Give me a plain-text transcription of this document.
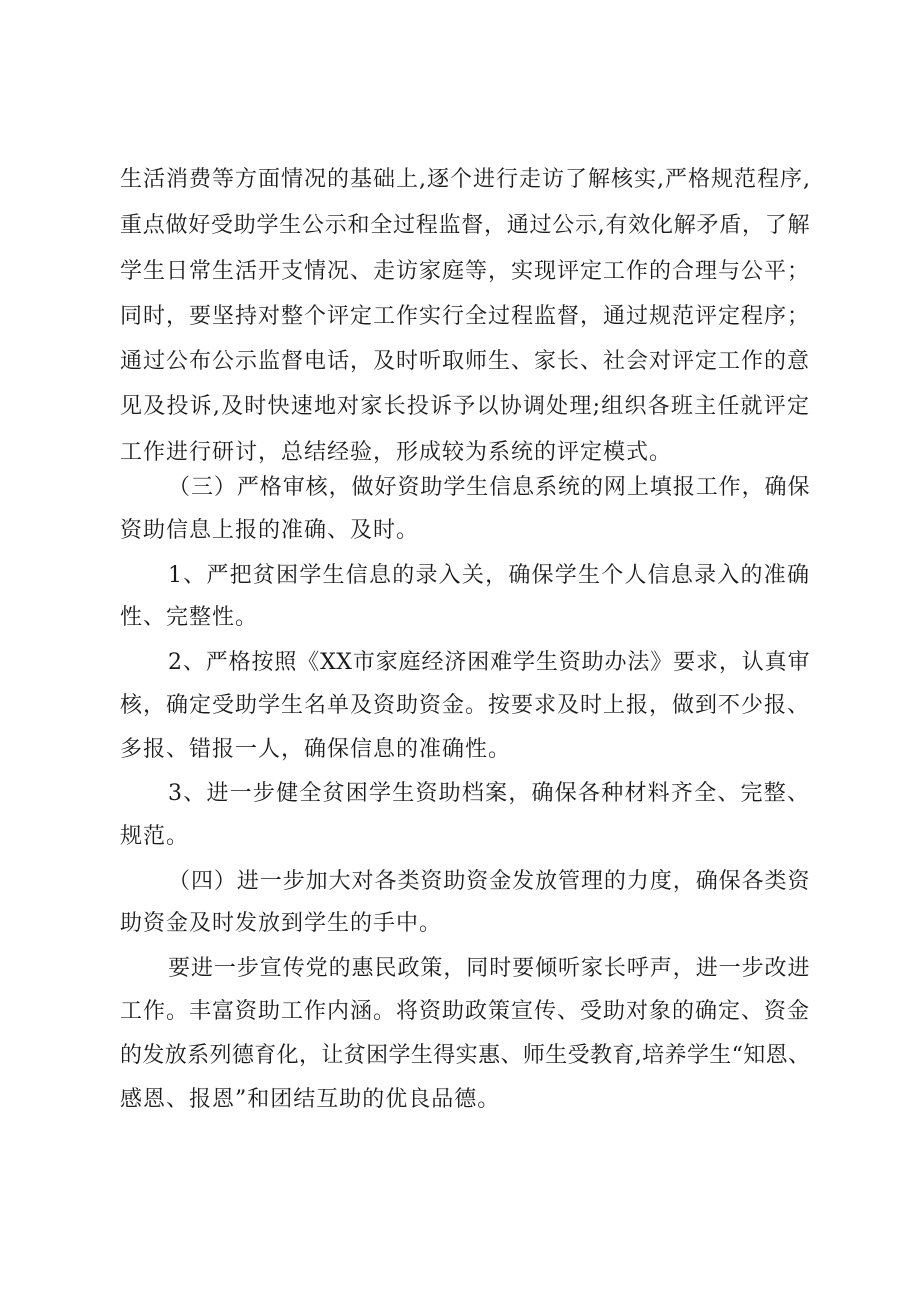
生活消费等方面情况的基础上,逐个进行走访了解核实,严格规范程序,
重点做好受助学生公示和全过程监督，通过公示,有效化解矛盾，了解
学生日常生活开支情况、走访家庭等，实现评定工作的合理与公平；
同时，要坚持对整个评定工作实行全过程监督，通过规范评定程序；
通过公布公示监督电话，及时听取师生、家长、社会对评定工作的意
见及投诉,及时快速地对家长投诉予以协调处理;组织各班主任就评定
工作进行研讨，总结经验，形成较为系统的评定模式。
（三）严格审核，做好资助学生信息系统的网上填报工作，确保
资助信息上报的准确、及时。
1、严把贫困学生信息的录入关，确保学生个人信息录入的准确
性、完整性。
2、严格按照《XX市家庭经济困难学生资助办法》要求，认真审
核，确定受助学生名单及资助资金。按要求及时上报，做到不少报、
多报、错报一人，确保信息的准确性。
3、进一步健全贫困学生资助档案，确保各种材料齐全、完整、
规范。
（四）进一步加大对各类资助资金发放管理的力度，确保各类资
助资金及时发放到学生的手中。
要进一步宣传党的惠民政策，同时要倾听家长呼声，进一步改进
工作。丰富资助工作内涵。将资助政策宣传、受助对象的确定、资金
的发放系列德育化，让贫困学生得实惠、师生受教育,培养学生“知恩、
感恩、报恩”和团结互助的优良品德。
